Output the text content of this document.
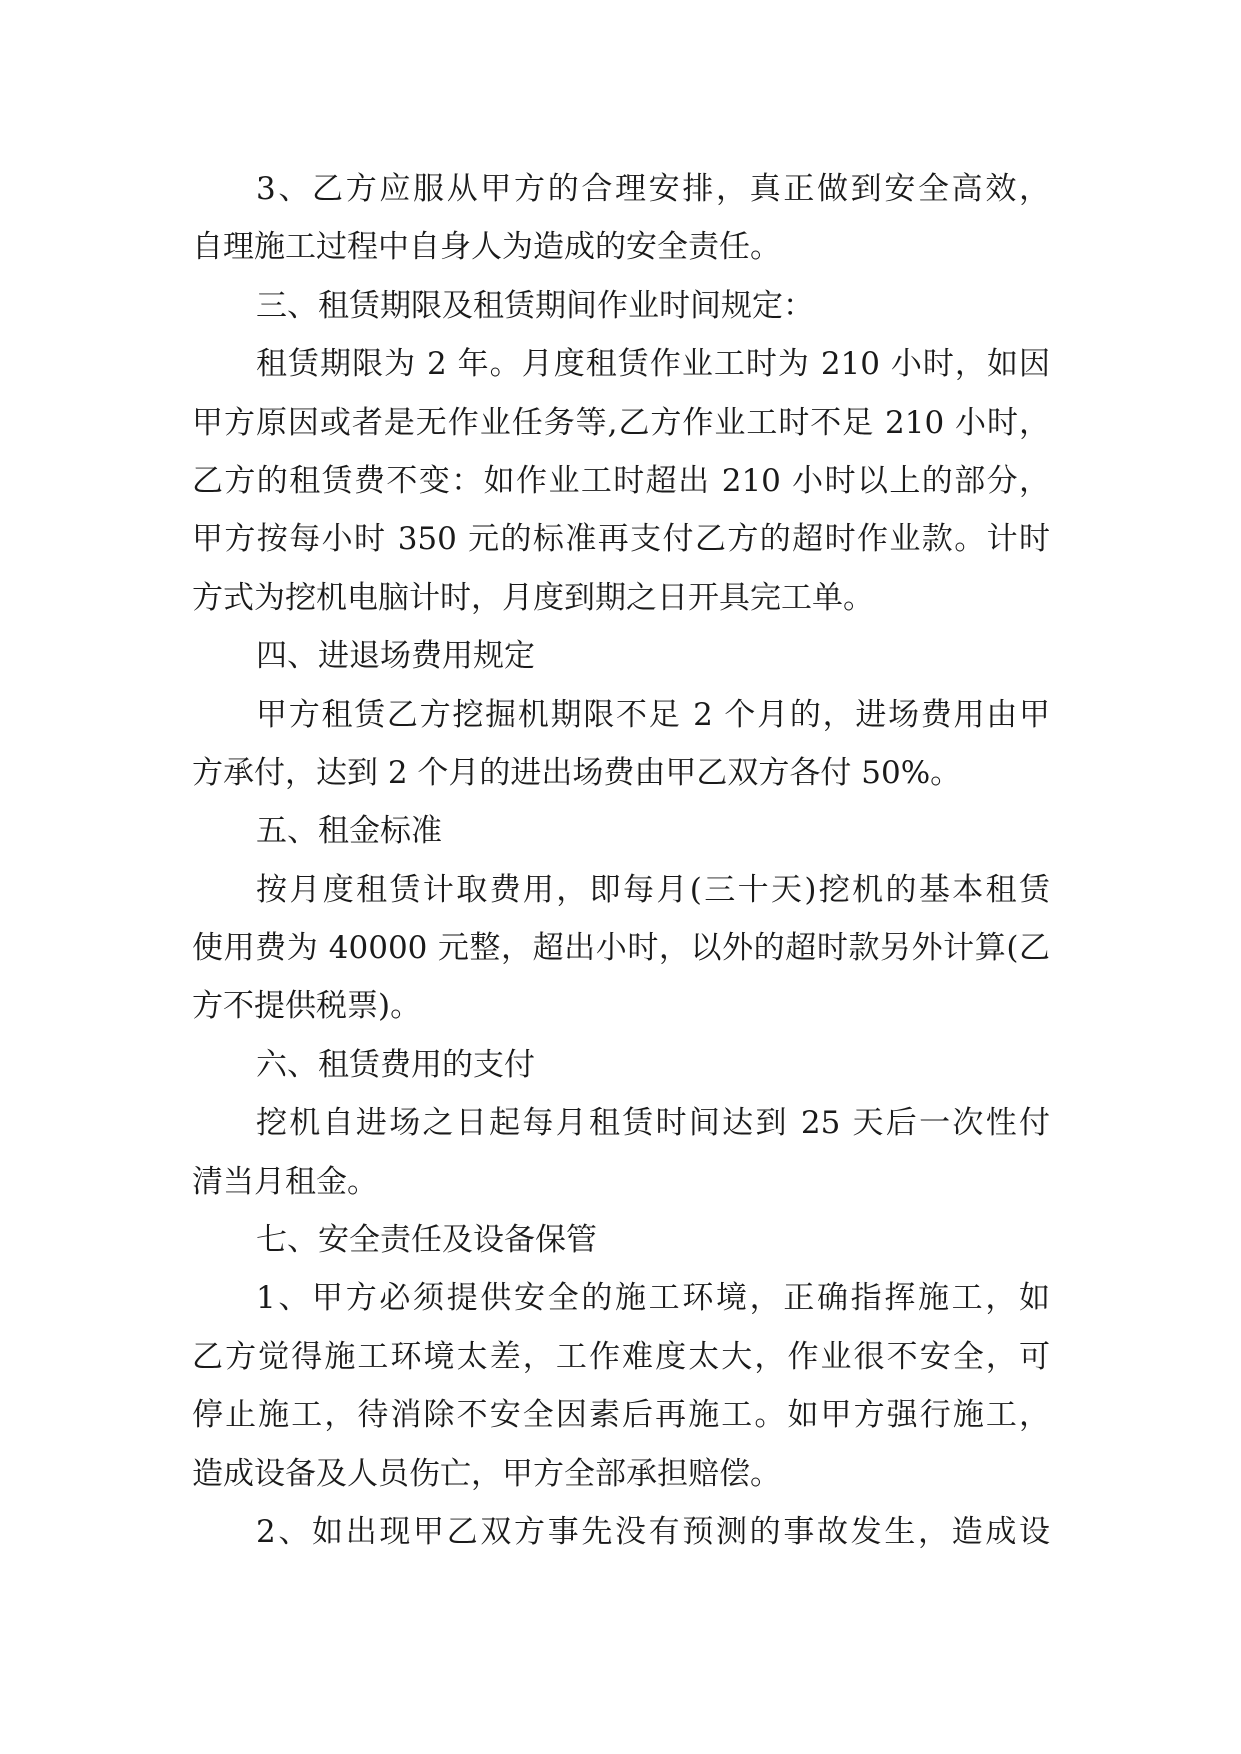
3、乙方应服从甲方的合理安排，真正做到安全高效，
自理施工过程中自身人为造成的安全责任。
三、租赁期限及租赁期间作业时间规定：
租赁期限为 2 年。月度租赁作业工时为 210 小时，如因
甲方原因或者是无作业任务等,乙方作业工时不足 210 小时，
乙方的租赁费不变：如作业工时超出 210 小时以上的部分，
甲方按每小时 350 元的标准再支付乙方的超时作业款。计时
方式为挖机电脑计时，月度到期之日开具完工单。
四、进退场费用规定
甲方租赁乙方挖掘机期限不足 2 个月的，进场费用由甲
方承付，达到 2 个月的进出场费由甲乙双方各付 50%。
五、租金标准
按月度租赁计取费用，即每月(三十天)挖机的基本租赁
使用费为 40000 元整，超出小时，以外的超时款另外计算(乙
方不提供税票)。
六、租赁费用的支付
挖机自进场之日起每月租赁时间达到 25 天后一次性付
清当月租金。
七、安全责任及设备保管
1、甲方必须提供安全的施工环境，正确指挥施工，如
乙方觉得施工环境太差，工作难度太大，作业很不安全，可
停止施工，待消除不安全因素后再施工。如甲方强行施工，
造成设备及人员伤亡，甲方全部承担赔偿。
2、如出现甲乙双方事先没有预测的事故发生，造成设
